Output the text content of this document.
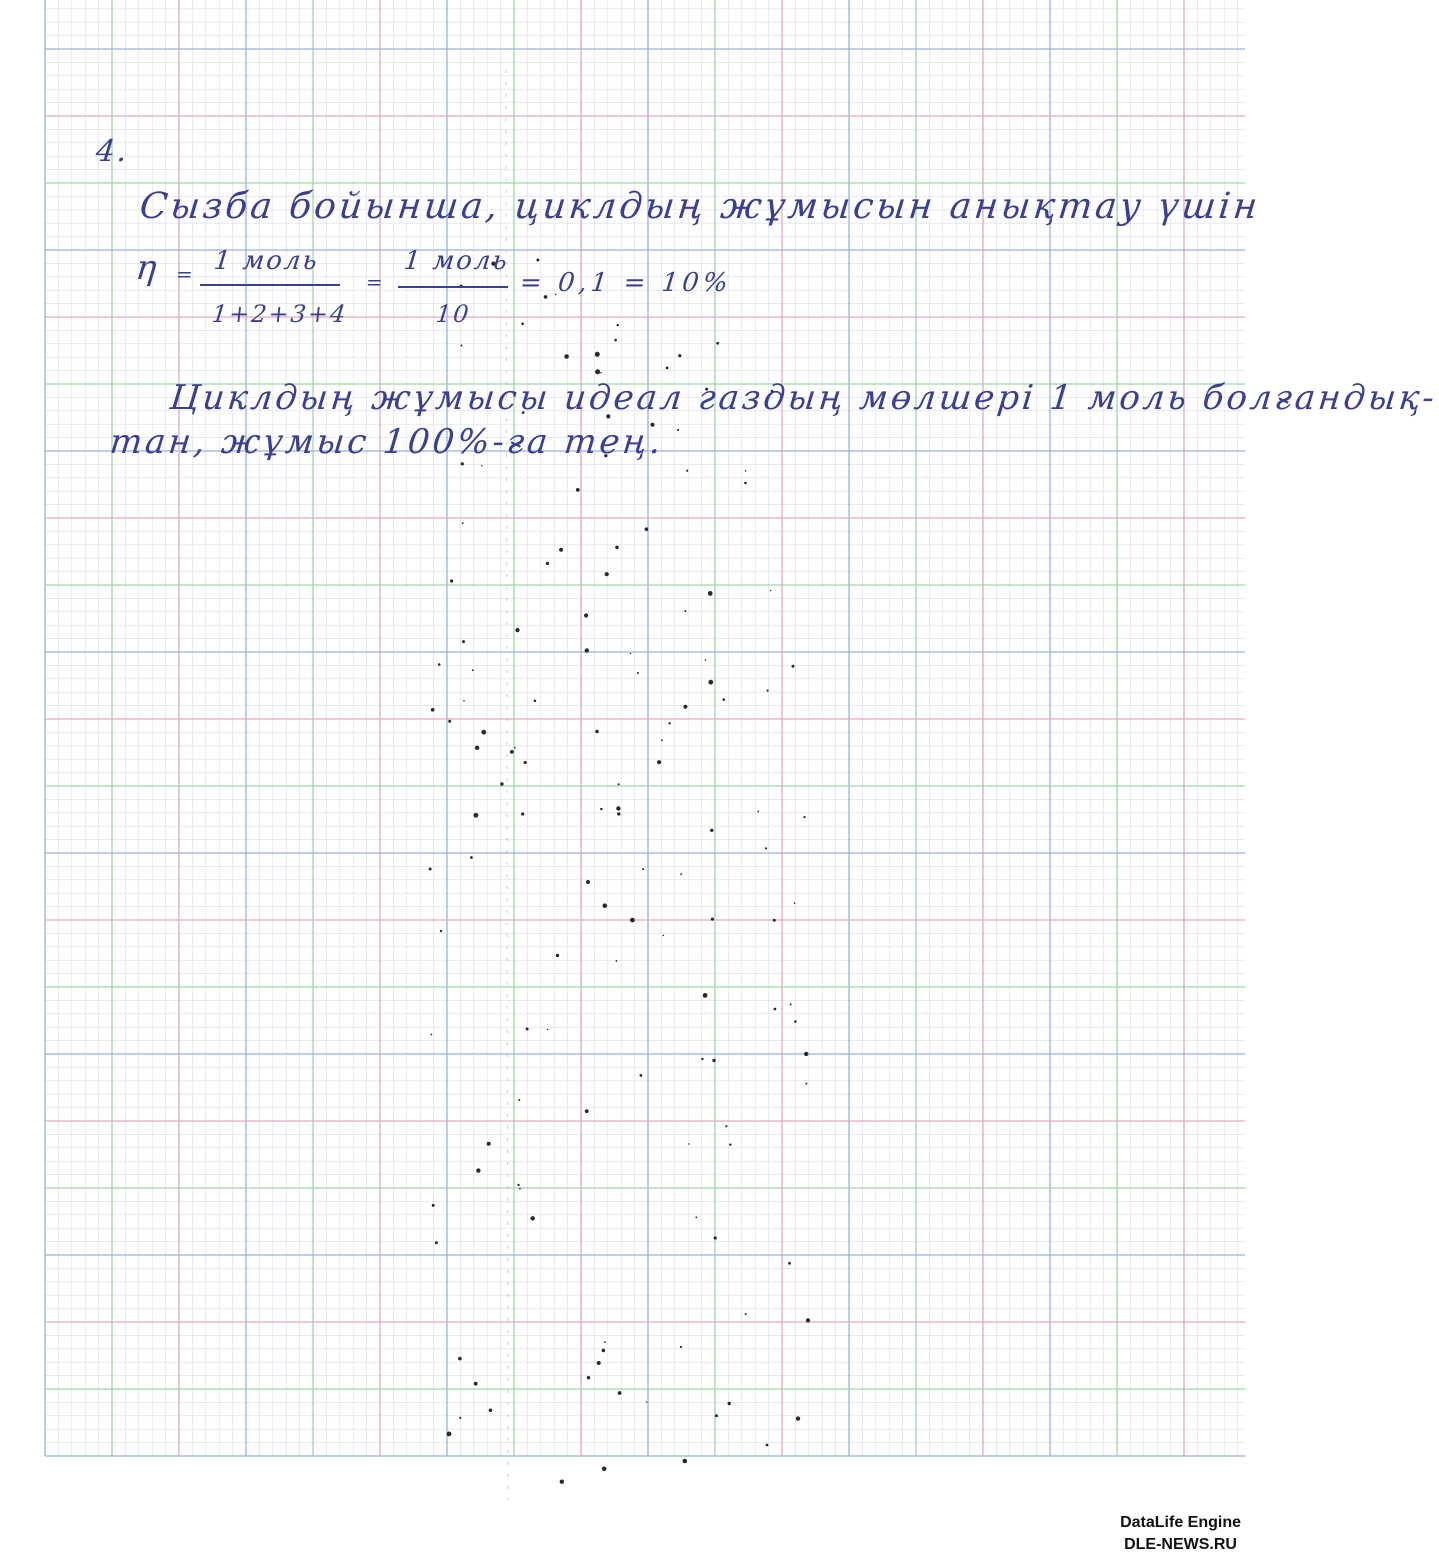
4.
Сызба бойынша, циклдың жұмысын анықтау үшін
η = 1 моль
1+2+3+4
=
1 моль
10
= 0,1 = 10%
Циклдың жұмысы идеал газдың мөлшері 1 моль болғандық-
тан, жұмыс 100%-ға тең.
DataLife Engine
DLE-NEWS.RU
